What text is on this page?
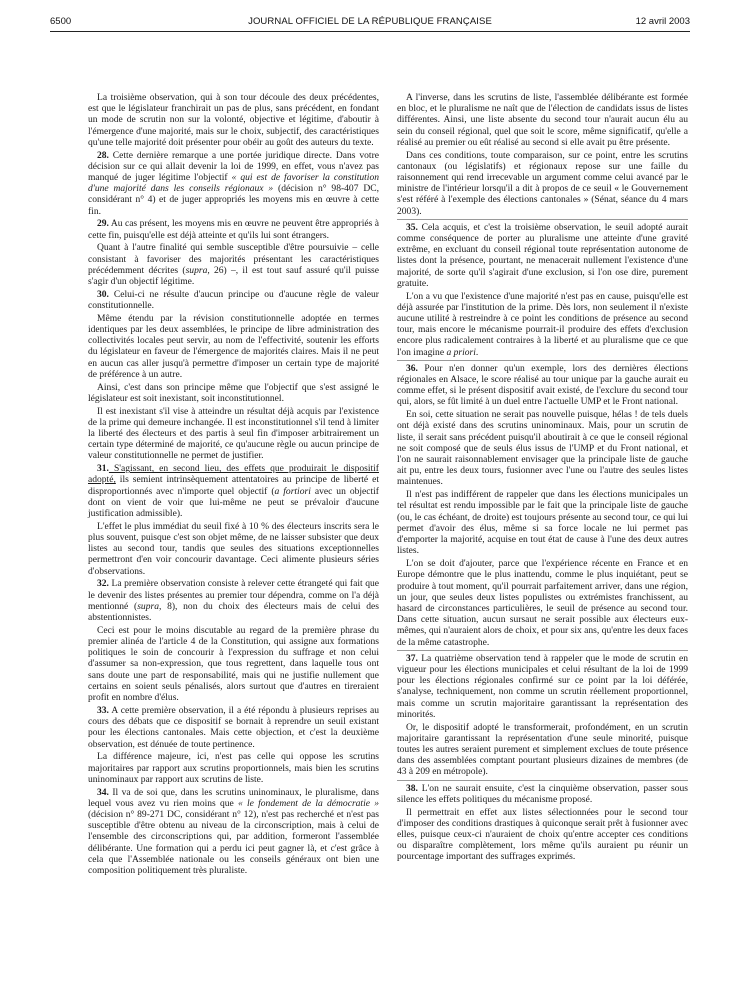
6500	JOURNAL OFFICIEL DE LA RÉPUBLIQUE FRANÇAISE	12 avril 2003

La troisième observation, qui à son tour découle des deux précédentes, est que le législateur franchirait un pas de plus, sans précédent, en fondant un mode de scrutin non sur la volonté, objective et légitime, d'aboutir à l'émergence d'une majorité, mais sur le choix, subjectif, des caractéristiques qu'une telle majorité doit présenter pour obéir au goût des auteurs du texte.

28. Cette dernière remarque a une portée juridique directe. Dans votre décision sur ce qui allait devenir la loi de 1999, en effet, vous n'avez pas manqué de juger légitime l'objectif « qui est de favoriser la constitution d'une majorité dans les conseils régionaux » (décision n° 98-407 DC, considérant n° 4) et de juger appropriés les moyens mis en œuvre à cette fin.

29. Au cas présent, les moyens mis en œuvre ne peuvent être appropriés à cette fin, puisqu'elle est déjà atteinte et qu'ils lui sont étrangers.

Quant à l'autre finalité qui semble susceptible d'être poursuivie – celle consistant à favoriser des majorités présentant les caractéristiques précédemment décrites (supra, 26) –, il est tout sauf assuré qu'il puisse s'agir d'un objectif légitime.

30. Celui-ci ne résulte d'aucun principe ou d'aucune règle de valeur constitutionnelle.

Même étendu par la révision constitutionnelle adoptée en termes identiques par les deux assemblées, le principe de libre administration des collectivités locales peut servir, au nom de l'effectivité, soutenir les efforts du législateur en faveur de l'émergence de majorités claires. Mais il ne peut en aucun cas aller jusqu'à permettre d'imposer un certain type de majorité de préférence à un autre.

Ainsi, c'est dans son principe même que l'objectif que s'est assigné le législateur est soit inexistant, soit inconstitutionnel.

Il est inexistant s'il vise à atteindre un résultat déjà acquis par l'existence de la prime qui demeure inchangée. Il est inconstitutionnel s'il tend à limiter la liberté des électeurs et des partis à seul fin d'imposer arbitrairement un certain type déterminé de majorité, ce qu'aucune règle ou aucun principe de valeur constitutionnelle ne permet de justifier.

31. S'agissant, en second lieu, des effets que produirait le dispositif adopté, ils semient intrinsèquement attentatoires au principe de liberté et disproportionnés avec n'importe quel objectif (a fortiori avec un objectif dont on vient de voir que lui-même ne peut se prévaloir d'aucune justification admissible).

L'effet le plus immédiat du seuil fixé à 10 % des électeurs inscrits sera le plus souvent, puisque c'est son objet même, de ne laisser subsister que deux listes au second tour, tandis que seules des situations exceptionnelles permettront d'en voir concourir davantage. Ceci alimente plusieurs séries d'observations.

32. La première observation consiste à relever cette étrangeté qui fait que le devenir des listes présentes au premier tour dépendra, comme on l'a déjà mentionné (supra, 8), non du choix des électeurs mais de celui des abstentionnistes.

Ceci est pour le moins discutable au regard de la première phrase du premier alinéa de l'article 4 de la Constitution, qui assigne aux formations politiques le soin de concourir à l'expression du suffrage et non celui d'assumer sa non-expression, que tous regrettent, dans laquelle tous ont sans doute une part de responsabilité, mais qui ne justifie nullement que certains en soient seuls pénalisés, alors surtout que d'autres en tireraient profit en nombre d'élus.

33. A cette première observation, il a été répondu à plusieurs reprises au cours des débats que ce dispositif se bornait à reprendre un seuil existant pour les élections cantonales. Mais cette objection, et c'est la deuxième observation, est dénuée de toute pertinence.

La différence majeure, ici, n'est pas celle qui oppose les scrutins majoritaires par rapport aux scrutins proportionnels, mais bien les scrutins uninominaux par rapport aux scrutins de liste.

34. Il va de soi que, dans les scrutins uninominaux, le pluralisme, dans lequel vous avez vu rien moins que « le fondement de la démocratie » (décision n° 89-271 DC, considérant n° 12), n'est pas recherché et n'est pas susceptible d'être obtenu au niveau de la circonscription, mais à celui de l'ensemble des circonscriptions qui, par addition, formeront l'assemblée délibérante. Une formation qui a perdu ici peut gagner là, et c'est grâce à cela que l'Assemblée nationale ou les conseils généraux ont bien une composition politiquement très pluraliste.

A l'inverse, dans les scrutins de liste, l'assemblée délibérante est formée en bloc, et le pluralisme ne naît que de l'élection de candidats issus de listes différentes. Ainsi, une liste absente du second tour n'aurait aucun élu au sein du conseil régional, quel que soit le score, même significatif, qu'elle a réalisé au premier ou eût réalisé au second si elle avait pu être présente.

Dans ces conditions, toute comparaison, sur ce point, entre les scrutins cantonaux (ou législatifs) et régionaux repose sur une faille du raisonnement qui rend irrecevable un argument comme celui avancé par le ministre de l'intérieur lorsqu'il a dit à propos de ce seuil « le Gouvernement s'est référé à l'exemple des élections cantonales » (Sénat, séance du 4 mars 2003).

35. Cela acquis, et c'est la troisième observation, le seuil adopté aurait comme conséquence de porter au pluralisme une atteinte d'une gravité extrême, en excluant du conseil régional toute représentation autonome de listes dont la présence, pourtant, ne menacerait nullement l'existence d'une majorité, de sorte qu'il s'agirait d'une exclusion, si l'on ose dire, purement gratuite.

L'on a vu que l'existence d'une majorité n'est pas en cause, puisqu'elle est déjà assurée par l'institution de la prime. Dès lors, non seulement il n'existe aucune utilité à restreindre à ce point les conditions de présence au second tour, mais encore le mécanisme pourrait-il produire des effets d'exclusion encore plus radicalement contraires à la liberté et au pluralisme que ce que l'on imagine a priori.

36. Pour n'en donner qu'un exemple, lors des dernières élections régionales en Alsace, le score réalisé au tour unique par la gauche aurait eu comme effet, si le présent dispositif avait existé, de l'exclure du second tour qui, alors, se fût limité à un duel entre l'actuelle UMP et le Front national.

En soi, cette situation ne serait pas nouvelle puisque, hélas ! de tels duels ont déjà existé dans des scrutins uninominaux. Mais, pour un scrutin de liste, il serait sans précédent puisqu'il aboutirait à ce que le conseil régional ne soit composé que de seuls élus issus de l'UMP et du Front national, et l'on ne saurait raisonnablement envisager que la principale liste de gauche ait pu, entre les deux tours, fusionner avec l'une ou l'autre des seules listes maintenues.

Il n'est pas indifférent de rappeler que dans les élections municipales un tel résultat est rendu impossible par le fait que la principale liste de gauche (ou, le cas échéant, de droite) est toujours présente au second tour, ce qui lui permet d'avoir des élus, même si sa force locale ne lui permet pas d'emporter la majorité, acquise en tout état de cause à l'une des deux autres listes.

L'on se doit d'ajouter, parce que l'expérience récente en France et en Europe démontre que le plus inattendu, comme le plus inquiétant, peut se produire à tout moment, qu'il pourrait parfaitement arriver, dans une région, un jour, que seules deux listes populistes ou extrémistes franchissent, au hasard de circonstances particulières, le seuil de présence au second tour. Dans cette situation, aucun sursaut ne serait possible aux électeurs eux-mêmes, qui n'auraient alors de choix, et pour six ans, qu'entre les deux faces de la même catastrophe.

37. La quatrième observation tend à rappeler que le mode de scrutin en vigueur pour les élections municipales et celui résultant de la loi de 1999 pour les élections régionales confirmé sur ce point par la loi déférée, s'analyse, techniquement, non comme un scrutin réellement proportionnel, mais comme un scrutin majoritaire garantissant la représentation des minorités.

Or, le dispositif adopté le transformerait, profondément, en un scrutin majoritaire garantissant la représentation d'une seule minorité, puisque toutes les autres seraient purement et simplement exclues de toute présence dans des assemblées comptant pourtant plusieurs dizaines de membres (de 43 à 209 en métropole).

38. L'on ne saurait ensuite, c'est la cinquième observation, passer sous silence les effets politiques du mécanisme proposé.

Il permettrait en effet aux listes sélectionnées pour le second tour d'imposer des conditions drastiques à quiconque serait prêt à fusionner avec elles, puisque ceux-ci n'auraient de choix qu'entre accepter ces conditions ou disparaître complètement, lors même qu'ils auraient pu réunir un pourcentage important des suffrages exprimés.
